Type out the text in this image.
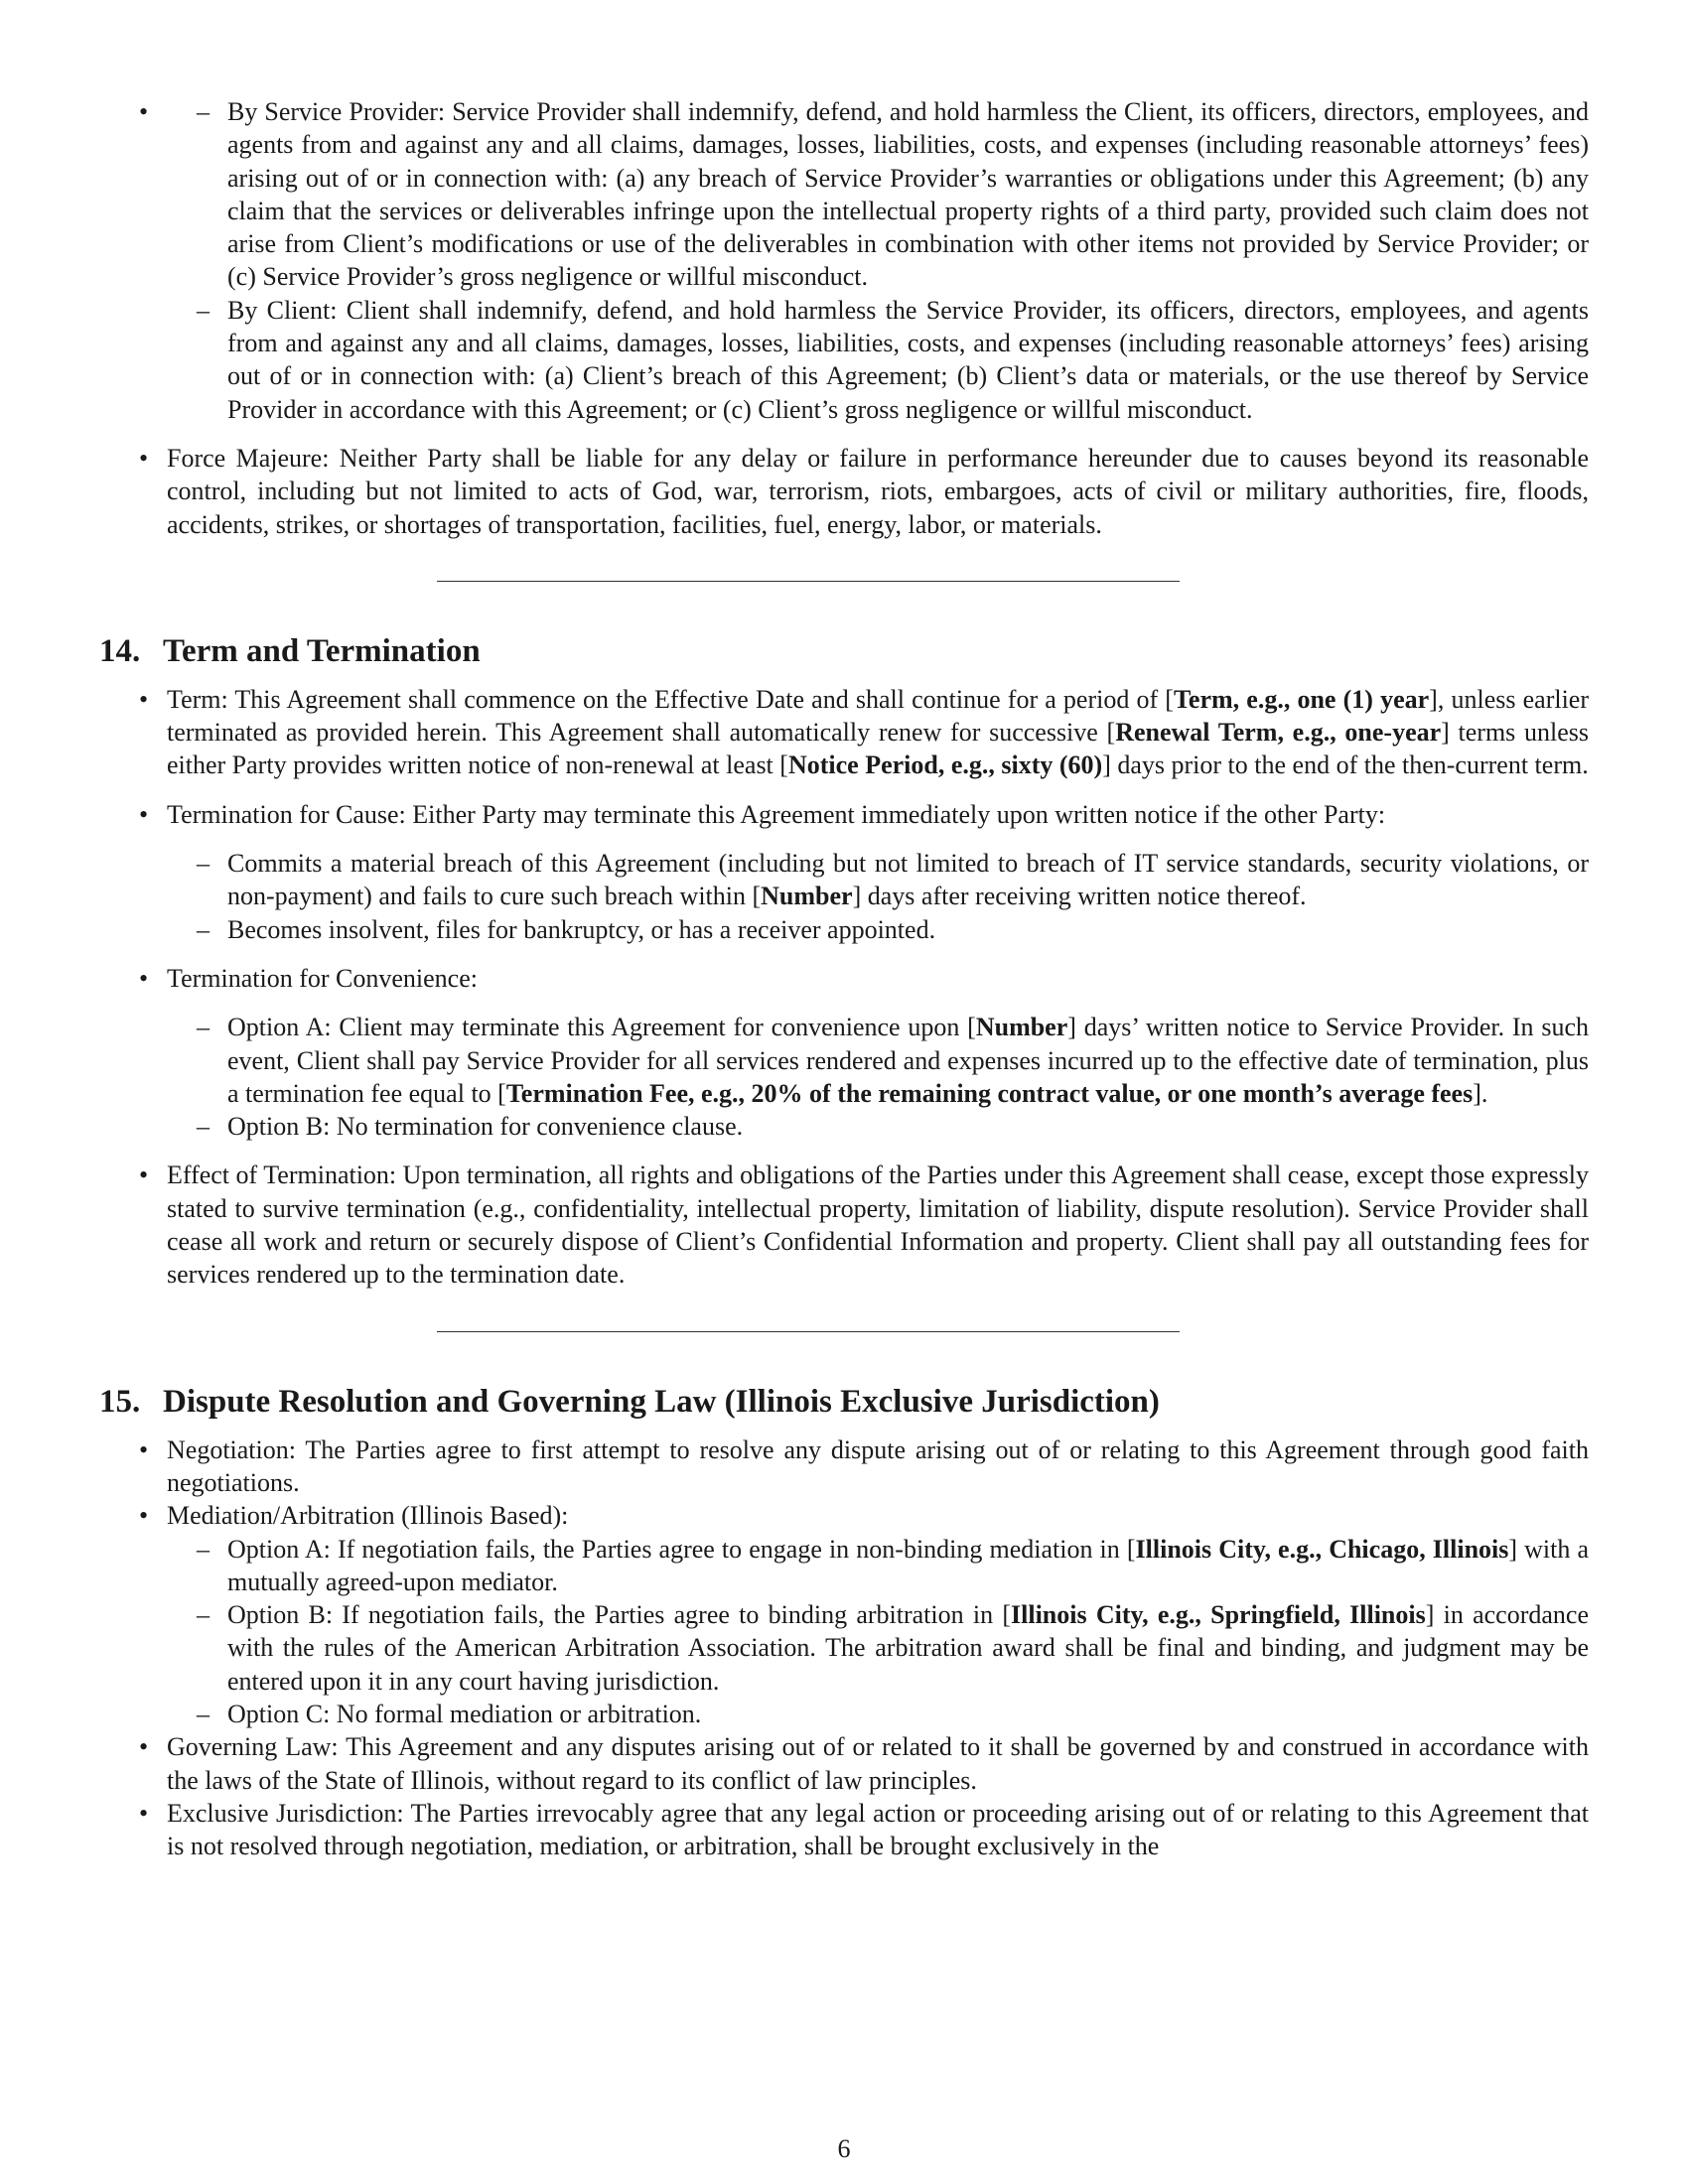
– • By Service Provider: Service Provider shall indemnify, defend, and hold harmless the Client, its officers, directors, employees, and agents from and against any and all claims, damages, losses, liabilities, costs, and expenses (including reasonable attorneys’ fees) arising out of or in connection with: (a) any breach of Service Provider’s warranties or obligations under this Agreement; (b) any claim that the services or deliverables infringe upon the intellectual property rights of a third party, provided such claim does not arise from Client’s modifications or use of the deliverables in combination with other items not provided by Service Provider; or (c) Service Provider’s gross negligence or willful misconduct.
– By Client: Client shall indemnify, defend, and hold harmless the Service Provider, its officers, directors, employees, and agents from and against any and all claims, damages, losses, liabilities, costs, and expenses (including reasonable attorneys’ fees) arising out of or in connection with: (a) Client’s breach of this Agreement; (b) Client’s data or materials, or the use thereof by Service Provider in accordance with this Agreement; or (c) Client’s gross negligence or willful misconduct.
• Force Majeure: Neither Party shall be liable for any delay or failure in performance hereunder due to causes beyond its reasonable control, including but not limited to acts of God, war, terrorism, riots, embargoes, acts of civil or military authorities, fire, floods, accidents, strikes, or shortages of transportation, facilities, fuel, energy, labor, or materials.
14. Term and Termination
• Term: This Agreement shall commence on the Effective Date and shall continue for a period of [Term, e.g., one (1) year], unless earlier terminated as provided herein. This Agreement shall automatically renew for successive [Renewal Term, e.g., one-year] terms unless either Party provides written notice of non-renewal at least [Notice Period, e.g., sixty (60)] days prior to the end of the then-current term.
• Termination for Cause: Either Party may terminate this Agreement immediately upon written notice if the other Party:
– Commits a material breach of this Agreement (including but not limited to breach of IT service standards, security violations, or non-payment) and fails to cure such breach within [Number] days after receiving written notice thereof.
– Becomes insolvent, files for bankruptcy, or has a receiver appointed.
• Termination for Convenience:
– Option A: Client may terminate this Agreement for convenience upon [Number] days’ written notice to Service Provider. In such event, Client shall pay Service Provider for all services rendered and expenses incurred up to the effective date of termination, plus a termination fee equal to [Termination Fee, e.g., 20% of the remaining contract value, or one month’s average fees].
– Option B: No termination for convenience clause.
• Effect of Termination: Upon termination, all rights and obligations of the Parties under this Agreement shall cease, except those expressly stated to survive termination (e.g., confidentiality, intellectual property, limitation of liability, dispute resolution). Service Provider shall cease all work and return or securely dispose of Client’s Confidential Information and property. Client shall pay all outstanding fees for services rendered up to the termination date.
15. Dispute Resolution and Governing Law (Illinois Exclusive Jurisdiction)
• Negotiation: The Parties agree to first attempt to resolve any dispute arising out of or relating to this Agreement through good faith negotiations.
• Mediation/Arbitration (Illinois Based):
– Option A: If negotiation fails, the Parties agree to engage in non-binding mediation in [Illinois City, e.g., Chicago, Illinois] with a mutually agreed-upon mediator.
– Option B: If negotiation fails, the Parties agree to binding arbitration in [Illinois City, e.g., Springfield, Illinois] in accordance with the rules of the American Arbitration Association. The arbitration award shall be final and binding, and judgment may be entered upon it in any court having jurisdiction.
– Option C: No formal mediation or arbitration.
• Governing Law: This Agreement and any disputes arising out of or related to it shall be governed by and construed in accordance with the laws of the State of Illinois, without regard to its conflict of law principles.
• Exclusive Jurisdiction: The Parties irrevocably agree that any legal action or proceeding arising out of or relating to this Agreement that is not resolved through negotiation, mediation, or arbitration, shall be brought exclusively in the
6
